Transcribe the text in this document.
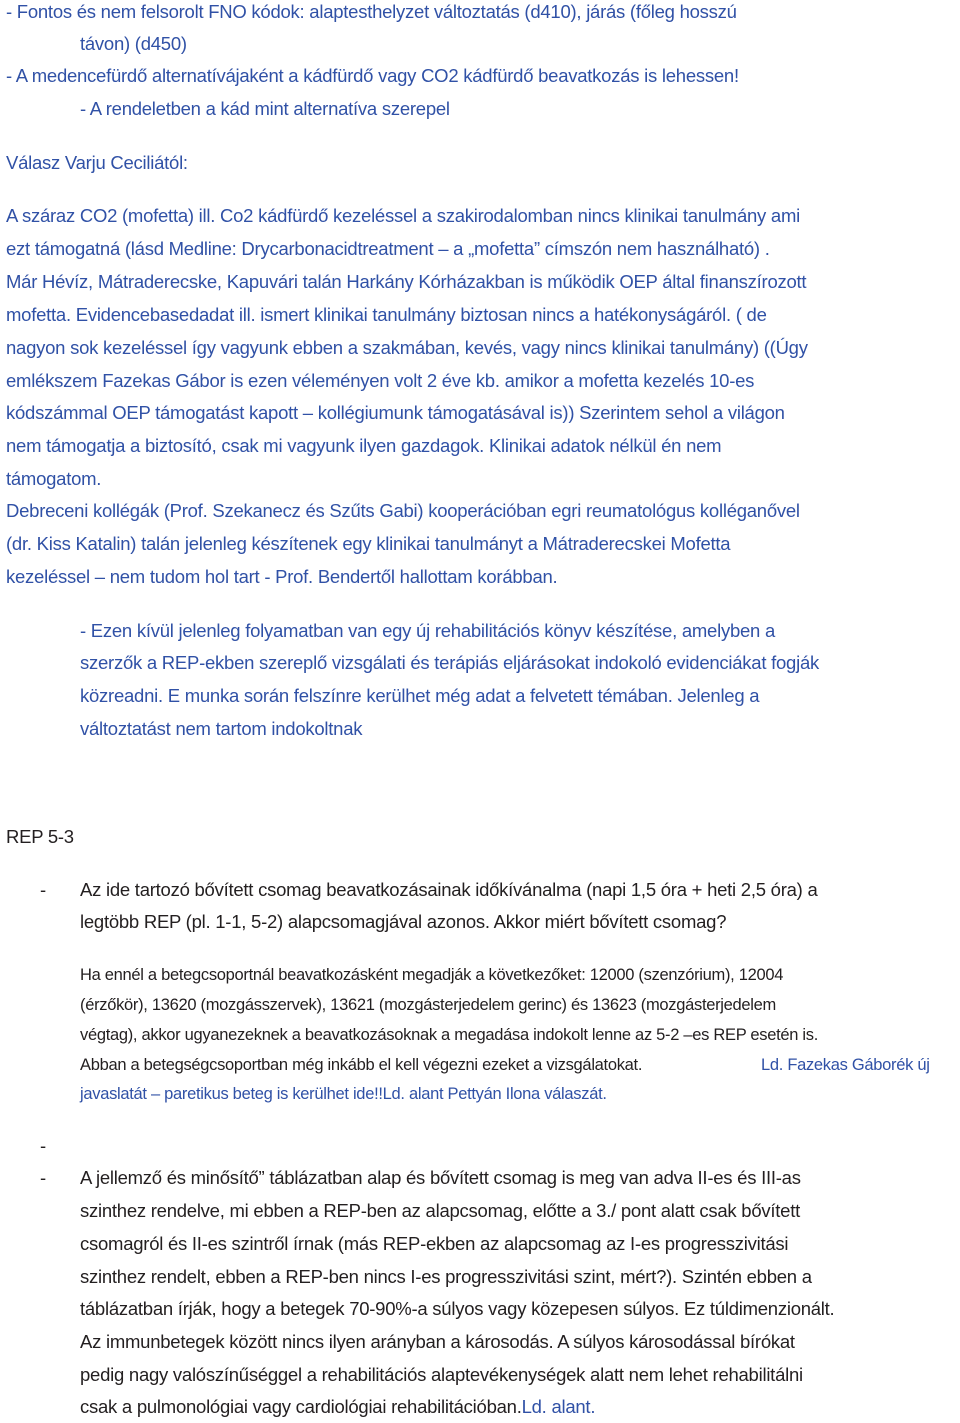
- Fontos és nem felsorolt FNO kódok: alaptesthelyzet változtatás (d410), járás (főleg hosszú
távon) (d450)
- A medencefürdő alternatívájaként a kádfürdő vagy CO2 kádfürdő beavatkozás is lehessen!
- A rendeletben a kád mint alternatíva szerepel
Válasz Varju Ceciliától:
A száraz CO2 (mofetta) ill. Co2 kádfürdő kezeléssel a szakirodalomban nincs klinikai tanulmány ami
ezt támogatná (lásd Medline: Drycarbonacidtreatment – a „mofetta” címszón nem használható) .
Már Hévíz, Mátraderecske, Kapuvári talán Harkány Kórházakban is működik OEP által finanszírozott
mofetta. Evidencebasedadat ill. ismert klinikai tanulmány biztosan nincs a hatékonyságáról. ( de
nagyon sok kezeléssel így vagyunk ebben a szakmában, kevés, vagy nincs klinikai tanulmány) ((Úgy
emlékszem Fazekas Gábor is ezen véleményen volt 2 éve kb. amikor a mofetta kezelés 10-es
kódszámmal OEP támogatást kapott – kollégiumunk támogatásával is)) Szerintem sehol a világon
nem támogatja a biztosító, csak mi vagyunk ilyen gazdagok. Klinikai adatok nélkül én nem
támogatom.
Debreceni kollégák (Prof. Szekanecz és Szűts Gabi) kooperációban egri reumatológus kolléganővel
(dr. Kiss Katalin) talán jelenleg készítenek egy klinikai tanulmányt a Mátraderecskei Mofetta
kezeléssel – nem tudom hol tart - Prof. Bendertől hallottam korábban.
- Ezen kívül jelenleg folyamatban van egy új rehabilitációs könyv készítése, amelyben a
szerzők a REP-ekben szereplő vizsgálati és terápiás eljárásokat indokoló evidenciákat fogják
közreadni. E munka során felszínre kerülhet még adat a felvetett témában. Jelenleg a
változtatást nem tartom indokoltnak
REP 5-3
- Az ide tartozó bővített csomag beavatkozásainak időkívánalma (napi 1,5 óra + heti 2,5 óra) a
legtöbb REP (pl. 1-1, 5-2) alapcsomagjával azonos. Akkor miért bővített csomag?
Ha ennél a betegcsoportnál beavatkozásként megadják a következőket: 12000 (szenzórium), 12004
(érzőkör), 13620 (mozgásszervek), 13621 (mozgásterjedelem gerinc) és 13623 (mozgásterjedelem
végtag), akkor ugyanezeknek a beavatkozásoknak a megadása indokolt lenne az 5-2 –es REP esetén is.
Abban a betegségcsoportban még inkább el kell végezni ezeket a vizsgálatokat.	Ld. Fazekas Gáborék új
javaslatát – paretikus beteg is kerülhet ide!!Ld. alant Pettyán Ilona válaszát.
-
- A jellemző és minősítő” táblázatban alap és bővített csomag is meg van adva II-es és III-as
szinthez rendelve, mi ebben a REP-ben az alapcsomag, előtte a 3./ pont alatt csak bővített
csomagról és II-es szintről írnak (más REP-ekben az alapcsomag az I-es progresszivitási
szinthez rendelt, ebben a REP-ben nincs I-es progresszivitási szint, mért?). Szintén ebben a
táblázatban írják, hogy a betegek 70-90%-a súlyos vagy közepesen súlyos. Ez túldimenzionált.
Az immunbetegek között nincs ilyen arányban a károsodás. A súlyos károsodással bírókat
pedig nagy valószínűséggel a rehabilitációs alaptevékenységek alatt nem lehet rehabilitálni
csak a pulmonológiai vagy cardiológiai rehabilitációban.Ld. alant.
